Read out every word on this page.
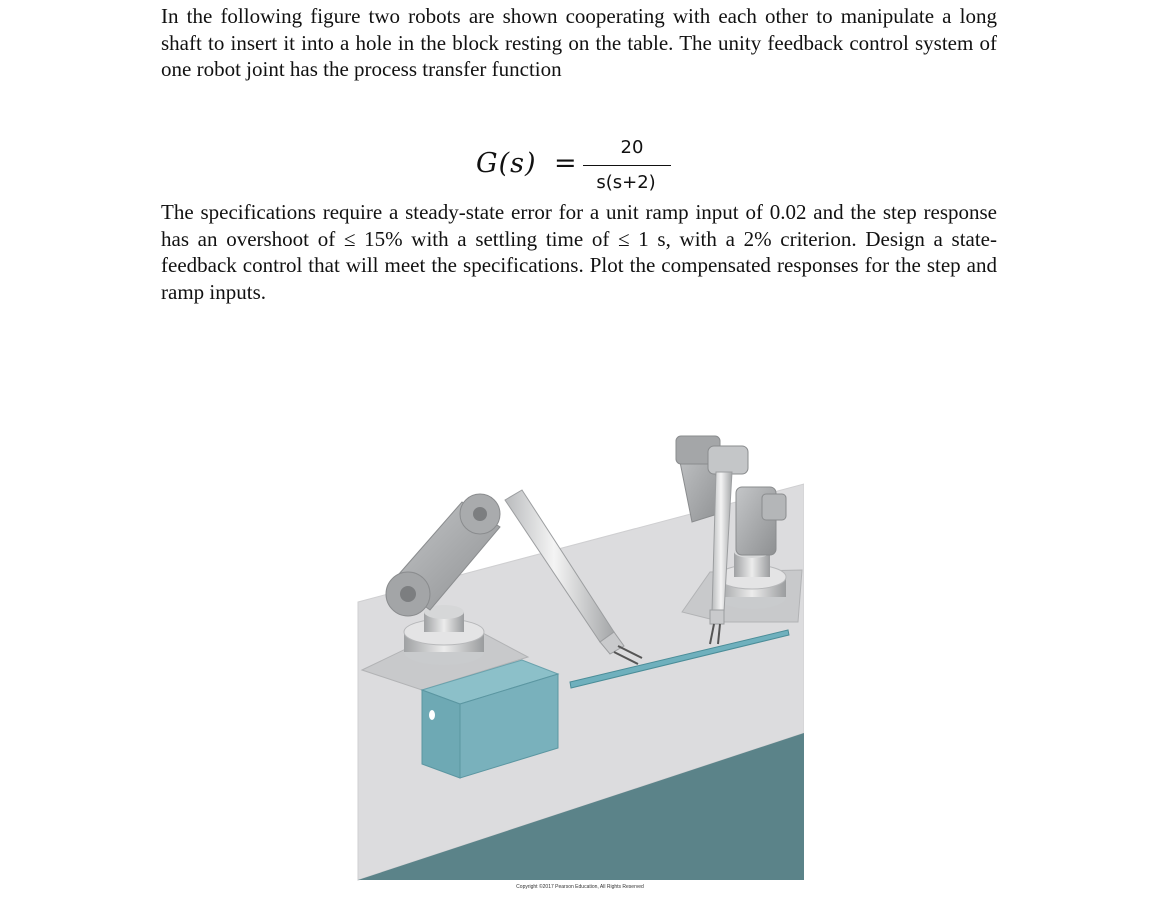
In the following figure two robots are shown cooperating with each other to manipulate a long shaft to insert it into a hole in the block resting on the table. The unity feedback control system of one robot joint has the process transfer function

G(s) =
20
s(s+2)

The specifications require a steady-state error for a unit ramp input of 0.02 and the step response has an overshoot of ≤ 15% with a settling time of ≤ 1 s, with a 2% criterion. Design a state-feedback control that will meet the specifications. Plot the compensated responses for the step and ramp inputs.

Copyright ©2017 Pearson Education, All Rights Reserved
